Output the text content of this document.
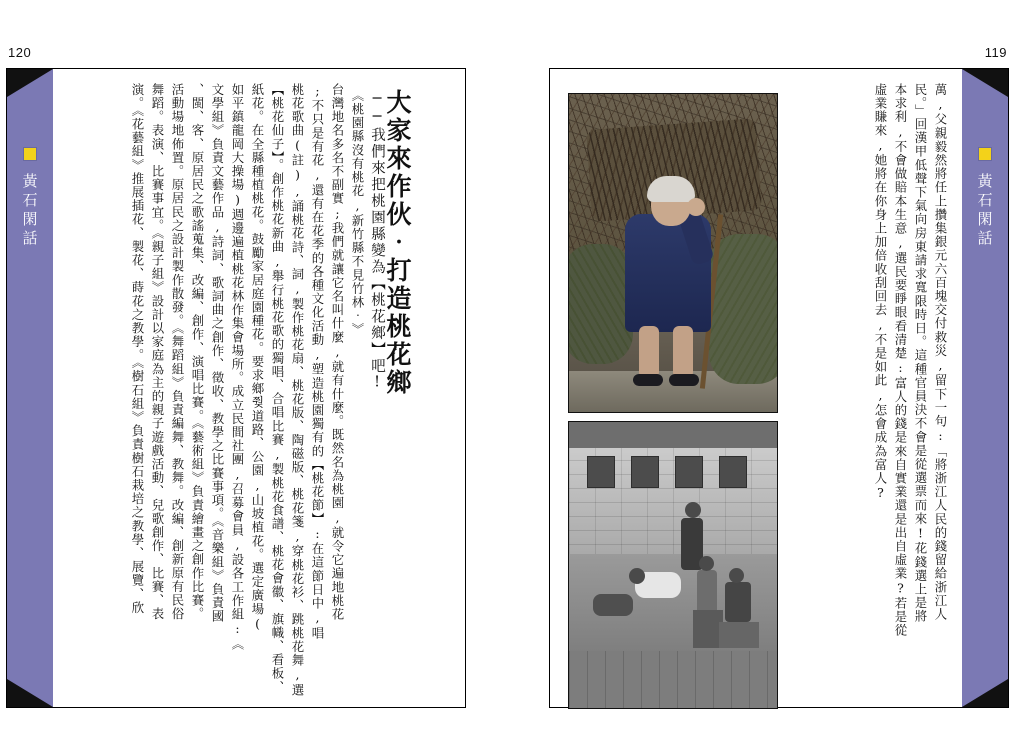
120
黃石閑話	大家來作伙‧打造桃花鄉
──我們來把桃園縣變為【桃花鄉】吧!
《桃園縣沒有桃花,新竹縣不見竹林‧》
台灣地名多名不副實;我們就讓它名叫什麼,就有什麼。既然名為桃園,就令它遍地桃花
;不只是有花,還有在花季的各種文化活動,塑造桃園獨有的【桃花節】:在這節日中,唱
桃花歌曲(註),誦桃花詩、詞,製作桃花扇、桃花版、陶磁版、桃花箋,穿桃花衫、跳桃花舞,選
【桃花仙子】。創作桃花新曲,舉行桃花歌的獨唱、合唱比賽,製桃花食譜、桃花會徽、旗幟、看板、
紙花。在全縣種植桃花。鼓勵家居庭園種花。要求鄉쭺道路、公園,山坡植花。選定廣場(
如平鎮龍岡大操場)週邊遍植桃花林作集會場所。成立民間社團,召募會員,設各工作組:《
文學組》負責文藝作品,詩詞、歌詞曲之創作、徵收、教學之比賽事項。《音樂組》負責國
、閩、客、原居民之歌謠蒐集、改編、創作、演唱比賽。《藝術組》負責繪畫之創作比賽。
活動場地佈置。原居民之設計製作散發。《舞蹈組》負責編舞、教舞。改編、創新原有民俗
舞蹈。表演、比賽事宜。《親子組》設計以家庭為主的親子遊戲活動、兒歌創作、比賽、表
演。《花藝組》推展插花、製花、蒔花之教學。《樹石組》負責樹石栽培之教學、展覽、欣
119
黃石閑話
萬,父親毅然將任上攢集銀元六百塊交付救災,留下一句:「將浙江人民的錢留給浙江人
民。」回漢甲低聲下氣向房東請求寬限時日。這種官員決不會是從選票而來!花錢選上是將
本求利,不會做賠本生意,選民要睜眼看清楚:富人的錢是來自實業還是出自虛業?若是從
虛業賺來,她將在你身上加倍收刮回去,不是如此,怎會成為富人?
